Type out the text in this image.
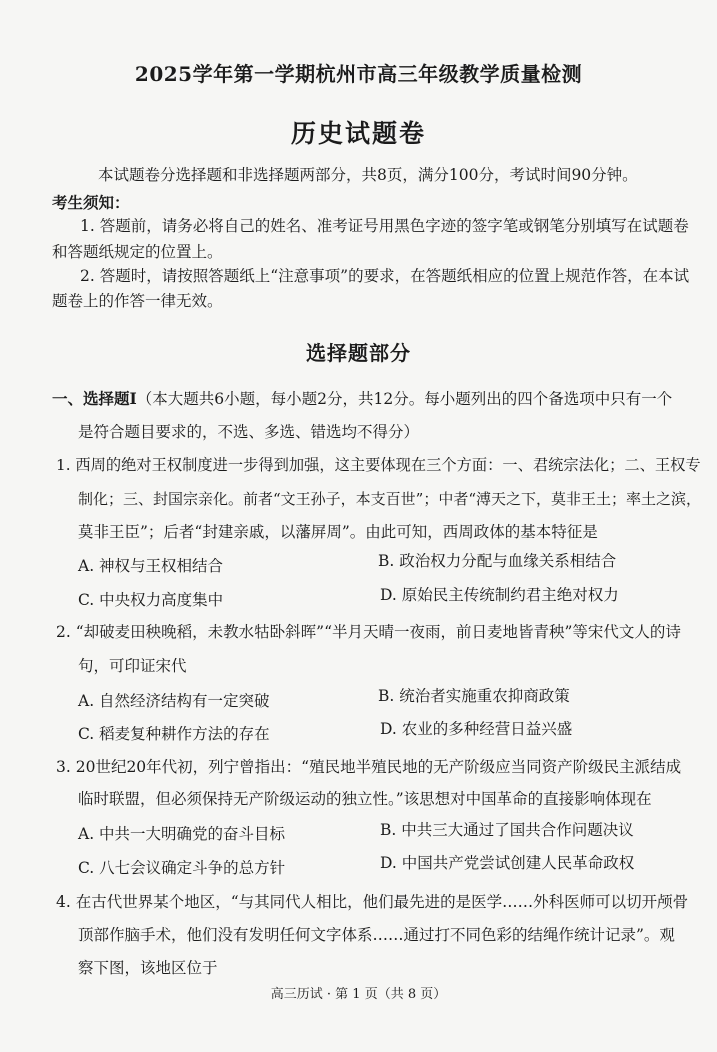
2025学年第一学期杭州市高三年级教学质量检测
历史试题卷
本试题卷分选择题和非选择题两部分，共8页，满分100分，考试时间90分钟。
考生须知：
1. 答题前，请务必将自己的姓名、准考证号用黑色字迹的签字笔或钢笔分别填写在试题卷
和答题纸规定的位置上。
2. 答题时，请按照答题纸上“注意事项”的要求，在答题纸相应的位置上规范作答，在本试
题卷上的作答一律无效。
选择题部分
一、选择题Ⅰ（本大题共6小题，每小题2分，共12分。每小题列出的四个备选项中只有一个
是符合题目要求的，不选、多选、错选均不得分）
1. 西周的绝对王权制度进一步得到加强，这主要体现在三个方面：一、君统宗法化；二、王权专
制化；三、封国宗亲化。前者“文王孙子，本支百世”；中者“溥天之下，莫非王土；率土之滨，
莫非王臣”；后者“封建亲戚，以藩屏周”。由此可知，西周政体的基本特征是
A. 神权与王权相结合	B. 政治权力分配与血缘关系相结合
C. 中央权力高度集中	D. 原始民主传统制约君主绝对权力
2. “却破麦田秧晚稻，未教水牯卧斜晖”“半月天晴一夜雨，前日麦地皆青秧”等宋代文人的诗
句，可印证宋代
A. 自然经济结构有一定突破	B. 统治者实施重农抑商政策
C. 稻麦复种耕作方法的存在	D. 农业的多种经营日益兴盛
3. 20世纪20年代初，列宁曾指出：“殖民地半殖民地的无产阶级应当同资产阶级民主派结成
临时联盟，但必须保持无产阶级运动的独立性。”该思想对中国革命的直接影响体现在
A. 中共一大明确党的奋斗目标	B. 中共三大通过了国共合作问题决议
C. 八七会议确定斗争的总方针	D. 中国共产党尝试创建人民革命政权
4. 在古代世界某个地区，“与其同代人相比，他们最先进的是医学……外科医师可以切开颅骨
顶部作脑手术，他们没有发明任何文字体系……通过打不同色彩的结绳作统计记录”。观
察下图，该地区位于
高三历试 · 第 1 页（共 8 页）
